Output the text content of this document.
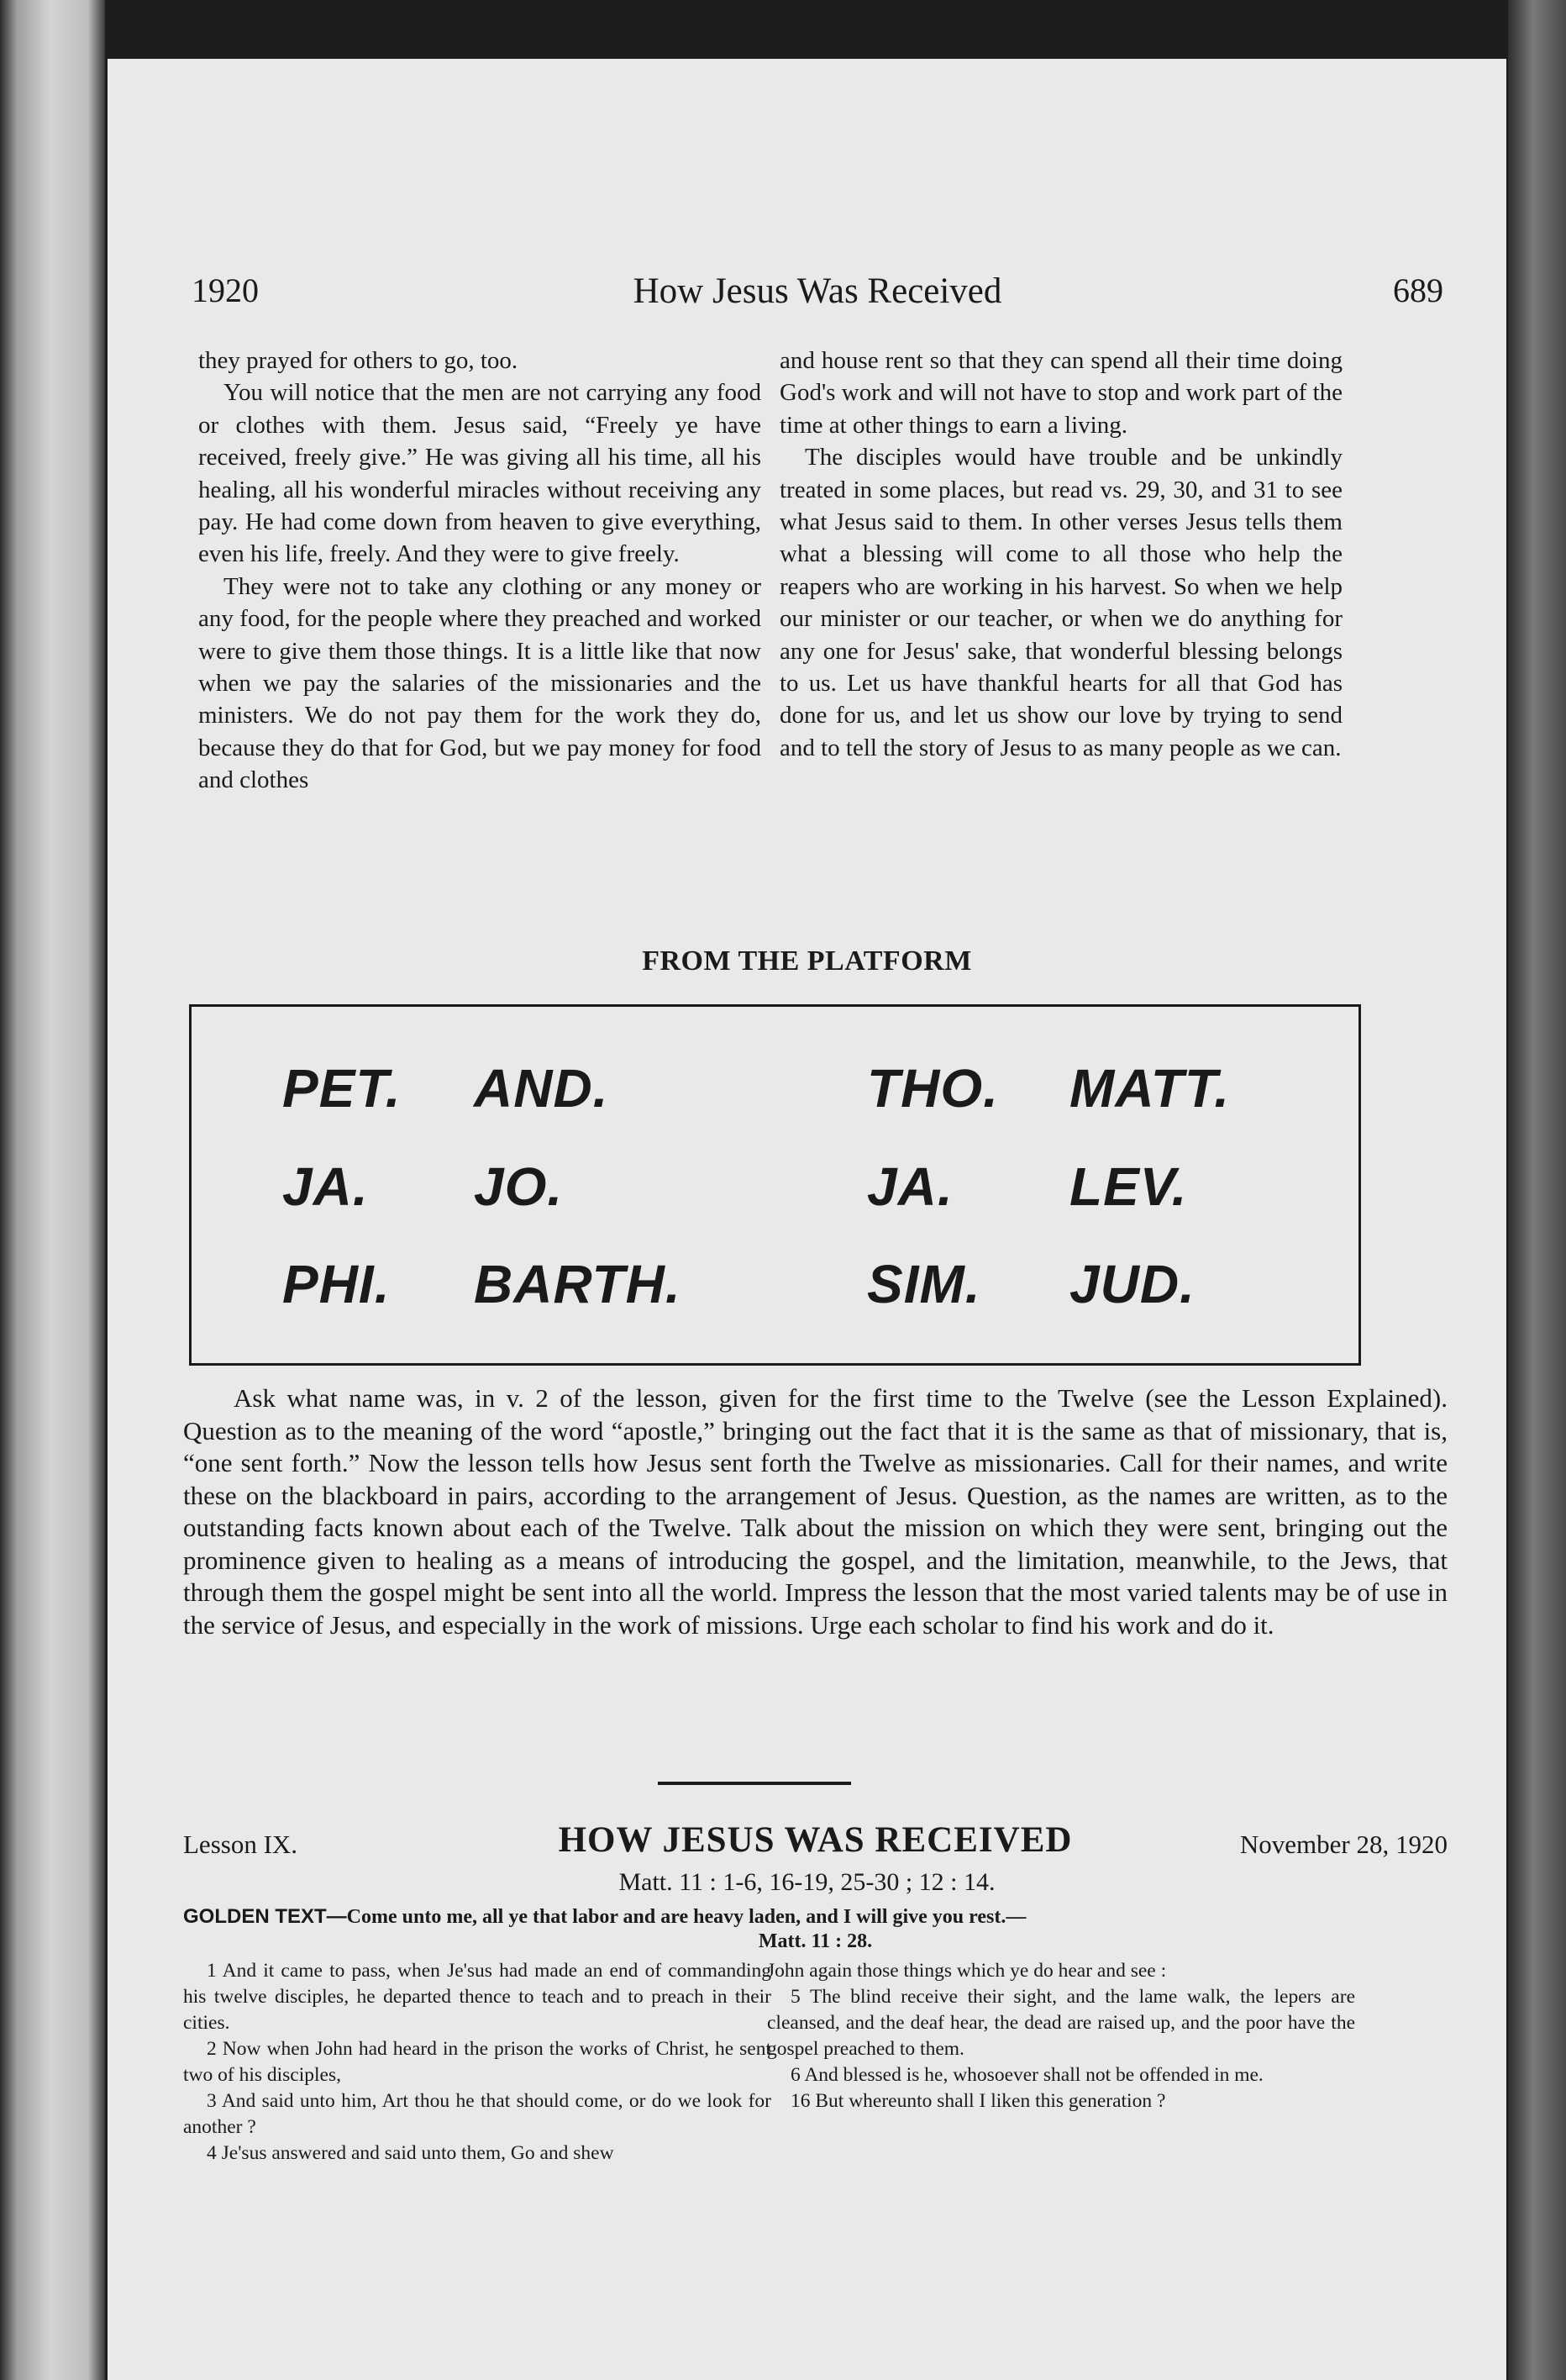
1920	How Jesus Was Received	689

they prayed for others to go, too.

You will notice that the men are not carrying any food or clothes with them. Jesus said, “Freely ye have received, freely give.” He was giving all his time, all his healing, all his wonderful miracles without receiving any pay. He had come down from heaven to give everything, even his life, freely. And they were to give freely.

They were not to take any clothing or any money or any food, for the people where they preached and worked were to give them those things. It is a little like that now when we pay the salaries of the missionaries and the ministers. We do not pay them for the work they do, because they do that for God, but we pay money for food and clothes

and house rent so that they can spend all their time doing God's work and will not have to stop and work part of the time at other things to earn a living.

The disciples would have trouble and be unkindly treated in some places, but read vs. 29, 30, and 31 to see what Jesus said to them. In other verses Jesus tells them what a blessing will come to all those who help the reapers who are working in his harvest. So when we help our minister or our teacher, or when we do anything for any one for Jesus' sake, that wonderful blessing belongs to us. Let us have thankful hearts for all that God has done for us, and let us show our love by trying to send and to tell the story of Jesus to as many people as we can.

FROM THE PLATFORM
PET. AND.	THO. MATT.
JA. JO.	JA. LEV.
PHI. BARTH.	SIM. JUD.

Ask what name was, in v. 2 of the lesson, given for the first time to the Twelve (see the Lesson Explained). Question as to the meaning of the word “apostle,” bringing out the fact that it is the same as that of missionary, that is, “one sent forth.” Now the lesson tells how Jesus sent forth the Twelve as missionaries. Call for their names, and write these on the blackboard in pairs, according to the arrangement of Jesus. Question, as the names are written, as to the outstanding facts known about each of the Twelve. Talk about the mission on which they were sent, bringing out the prominence given to healing as a means of introducing the gospel, and the limitation, meanwhile, to the Jews, that through them the gospel might be sent into all the world. Impress the lesson that the most varied talents may be of use in the service of Jesus, and especially in the work of missions. Urge each scholar to find his work and do it.

Lesson IX.	HOW JESUS WAS RECEIVED	November 28, 1920
Matt. 11 : 1-6, 16-19, 25-30 ; 12 : 14.
GOLDEN TEXT—Come unto me, all ye that labor and are heavy laden, and I will give you rest.—
Matt. 11 : 28.

1 And it came to pass, when Je'sus had made an end of commanding his twelve disciples, he departed thence to teach and to preach in their cities.

2 Now when John had heard in the prison the works of Christ, he sent two of his disciples,

3 And said unto him, Art thou he that should come, or do we look for another ?

4 Je'sus answered and said unto them, Go and shew

John again those things which ye do hear and see :

5 The blind receive their sight, and the lame walk, the lepers are cleansed, and the deaf hear, the dead are raised up, and the poor have the gospel preached to them.

6 And blessed is he, whosoever shall not be offended in me.

16 But whereunto shall I liken this generation ?
